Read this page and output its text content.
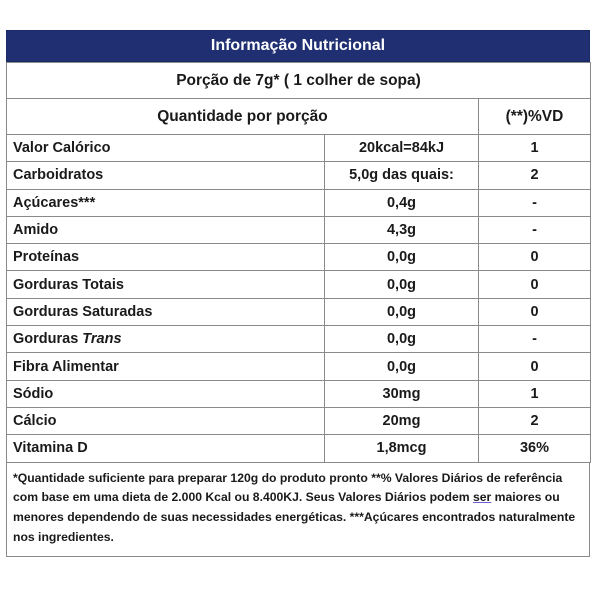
Informação Nutricional
Porção de 7g* ( 1 colher de sopa)		
Quantidade por porção		(**)%VD

Valor Calórico	20kcal=84kJ	1
Carboidratos	5,0g das quais:	2
Açúcares***	0,4g	-
Amido	4,3g	-
Proteínas	0,0g	0
Gorduras Totais	0,0g	0
Gorduras Saturadas	0,0g	0
Gorduras Trans	0,0g	-
Fibra Alimentar	0,0g	0
Sódio	30mg	1
Cálcio	20mg	2
Vitamina D	1,8mcg	36%
*Quantidade suficiente para preparar 120g do produto pronto **% Valores Diários de referência com base em uma dieta de 2.000 Kcal ou 8.400KJ. Seus Valores Diários podem ser maiores ou menores dependendo de suas necessidades energéticas. ***Açúcares encontrados naturalmente nos ingredientes.
